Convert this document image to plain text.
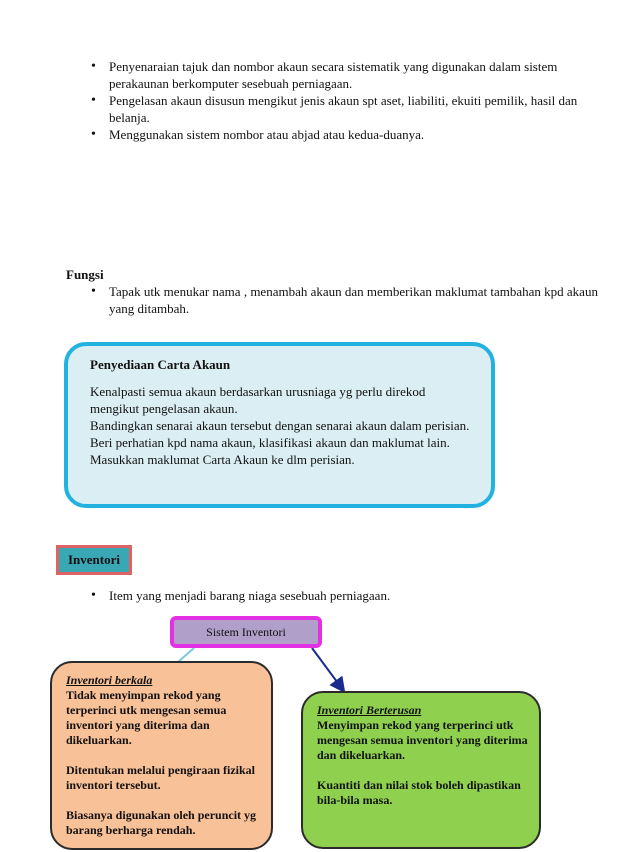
• Penyenaraian tajuk dan nombor akaun secara sistematik yang digunakan dalam sistem perakaunan berkomputer sesebuah perniagaan.
• Pengelasan akaun disusun mengikut jenis akaun spt aset, liabiliti, ekuiti pemilik, hasil dan belanja.
• Menggunakan sistem nombor atau abjad atau kedua-duanya.
Fungsi
• Tapak utk menukar nama , menambah akaun dan memberikan maklumat tambahan kpd akaun yang ditambah.
Penyediaan Carta Akaun

Kenalpasti semua akaun berdasarkan urusniaga yg perlu direkod mengikut pengelasan akaun.

Bandingkan senarai akaun tersebut dengan senarai akaun dalam perisian.

Beri perhatian kpd nama akaun, klasifikasi akaun dan maklumat lain.

Masukkan maklumat Carta Akaun ke dlm perisian.

Inventori
• Item yang menjadi barang niaga sesebuah perniagaan.
Sistem Inventori
Inventori berkala

Tidak menyimpan rekod yang terperinci utk mengesan semua inventori yang diterima dan dikeluarkan.

Ditentukan melalui pengiraan fizikal inventori tersebut.

Biasanya digunakan oleh peruncit yg barang berharga rendah.

Inventori Berterusan

Menyimpan rekod yang terperinci utk mengesan semua inventori yang diterima dan dikeluarkan.

Kuantiti dan nilai stok boleh dipastikan bila-bila masa.
